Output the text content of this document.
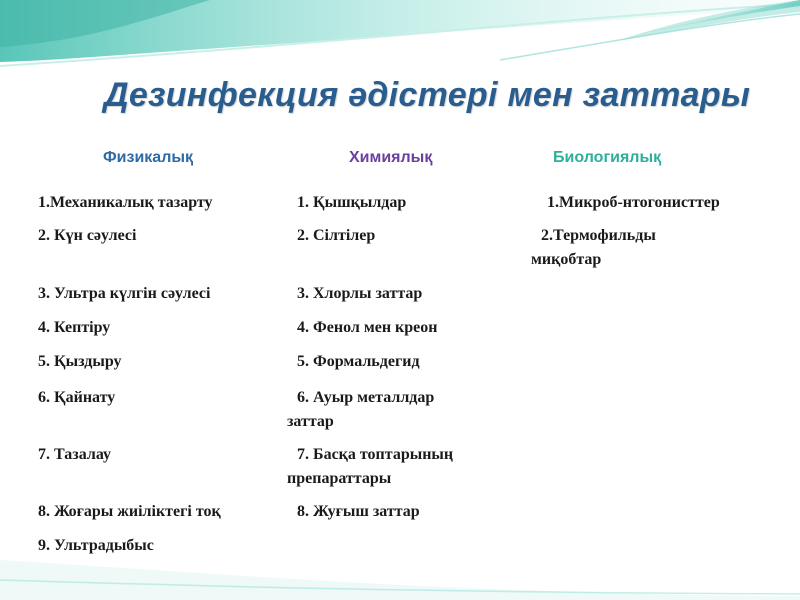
Дезинфекция әдістері мен заттары
Физикалық	Химиялық	Биологиялық
1.Механикалық тазарту
2. Күн сәулесі
3. Ультра күлгін сәулесі
4. Кептіру
5. Қыздыру
6. Қайнату
7. Тазалау
8. Жоғары жиіліктегі тоқ
9. Ультрадыбыс
1. Қышқылдар
2. Сілтілер
3. Хлорлы заттар
4. Фенол мен креон
5. Формальдегид
6. Ауыр металлдар
заттар
7. Басқа топтарының
препараттары
8. Жуғыш заттар
1.Микроб-нтогонисттер
2.Термофильды
миқобтар
